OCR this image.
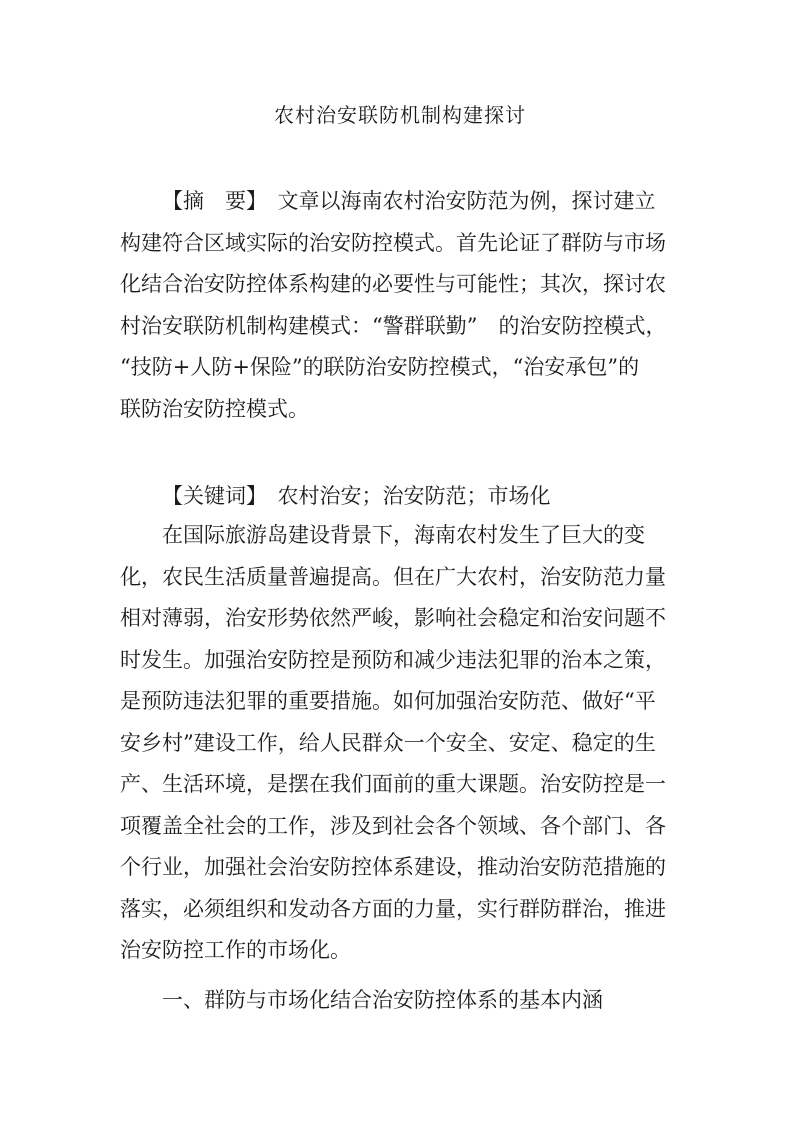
农村治安联防机制构建探讨
【摘　要】　文章以海南农村治安防范为例，探讨建立
构建符合区域实际的治安防控模式。首先论证了群防与市场
化结合治安防控体系构建的必要性与可能性；其次，探讨农
村治安联防机制构建模式：“警群联勤”　的治安防控模式，
“技防+人防+保险”的联防治安防控模式，“治安承包”的
联防治安防控模式。
【关键词】　农村治安；治安防范；市场化
在国际旅游岛建设背景下，海南农村发生了巨大的变
化，农民生活质量普遍提高。但在广大农村，治安防范力量
相对薄弱，治安形势依然严峻，影响社会稳定和治安问题不
时发生。加强治安防控是预防和减少违法犯罪的治本之策，
是预防违法犯罪的重要措施。如何加强治安防范、做好“平
安乡村”建设工作，给人民群众一个安全、安定、稳定的生
产、生活环境，是摆在我们面前的重大课题。治安防控是一
项覆盖全社会的工作，涉及到社会各个领域、各个部门、各
个行业，加强社会治安防控体系建设，推动治安防范措施的
落实，必须组织和发动各方面的力量，实行群防群治，推进
治安防控工作的市场化。
一、群防与市场化结合治安防控体系的基本内涵
